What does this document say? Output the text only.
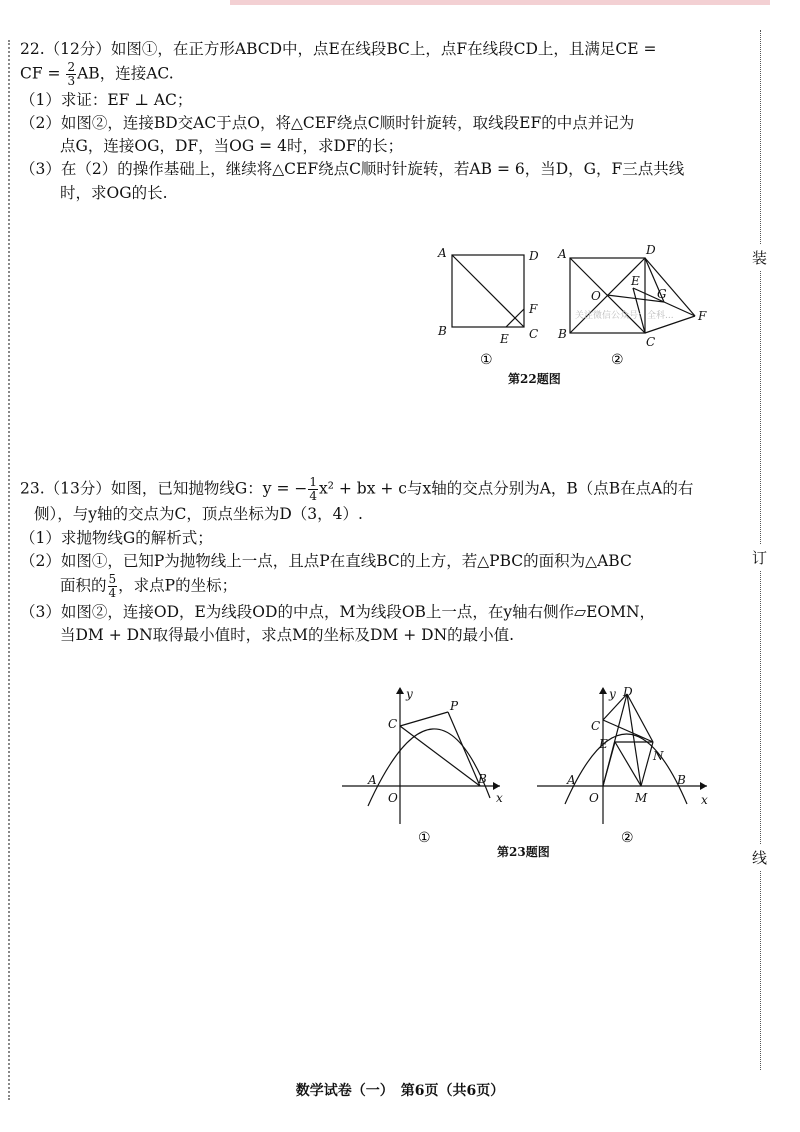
装
订
线
22.（12分）如图①，在正方形ABCD中，点E在线段BC上，点F在线段CD上，且满足CE =
CF = $\frac{2}{3}$ AB，连接AC.
（1）求证：EF ⊥ AC；
（2）如图②，连接BD交AC于点O，将△CEF绕点C顺时针旋转，取线段EF的中点并记为
点G，连接OG，DF，当OG = 4时，求DF的长；
（3）在（2）的操作基础上，继续将△CEF绕点C顺时针旋转，若AB = 6，当D，G，F三点共线
时，求OG的长.
A	D
F
B	C
E
①
关注微信公众号：全科...
A	D
O
E
G
F
B
C
②
第22题图
23.（13分）如图，已知抛物线G：y = − $\frac{1}{4} x^2$ + bx + c与x轴的交点分别为A，B（点B在点A的右
侧），与y轴的交点为C，顶点坐标为D（3，4）.
（1）求抛物线G的解析式；
（2）如图①，已知P为抛物线上一点，且点P在直线BC的上方，若△PBC的面积为△ABC
面积的 $\frac{5}{4}$ ，求点P的坐标；
（3）如图②，连接OD，E为线段OD的中点，M为线段OB上一点，在y轴右侧作▱EOMN，
当DM + DN取得最小值时，求点M的坐标及DM + DN的最小值.
y
x
C
P
A	B
O
①
y
x
D
C
E
N
A	B
O	M
②
第23题图
数学试卷（一）　第6页（共6页）
